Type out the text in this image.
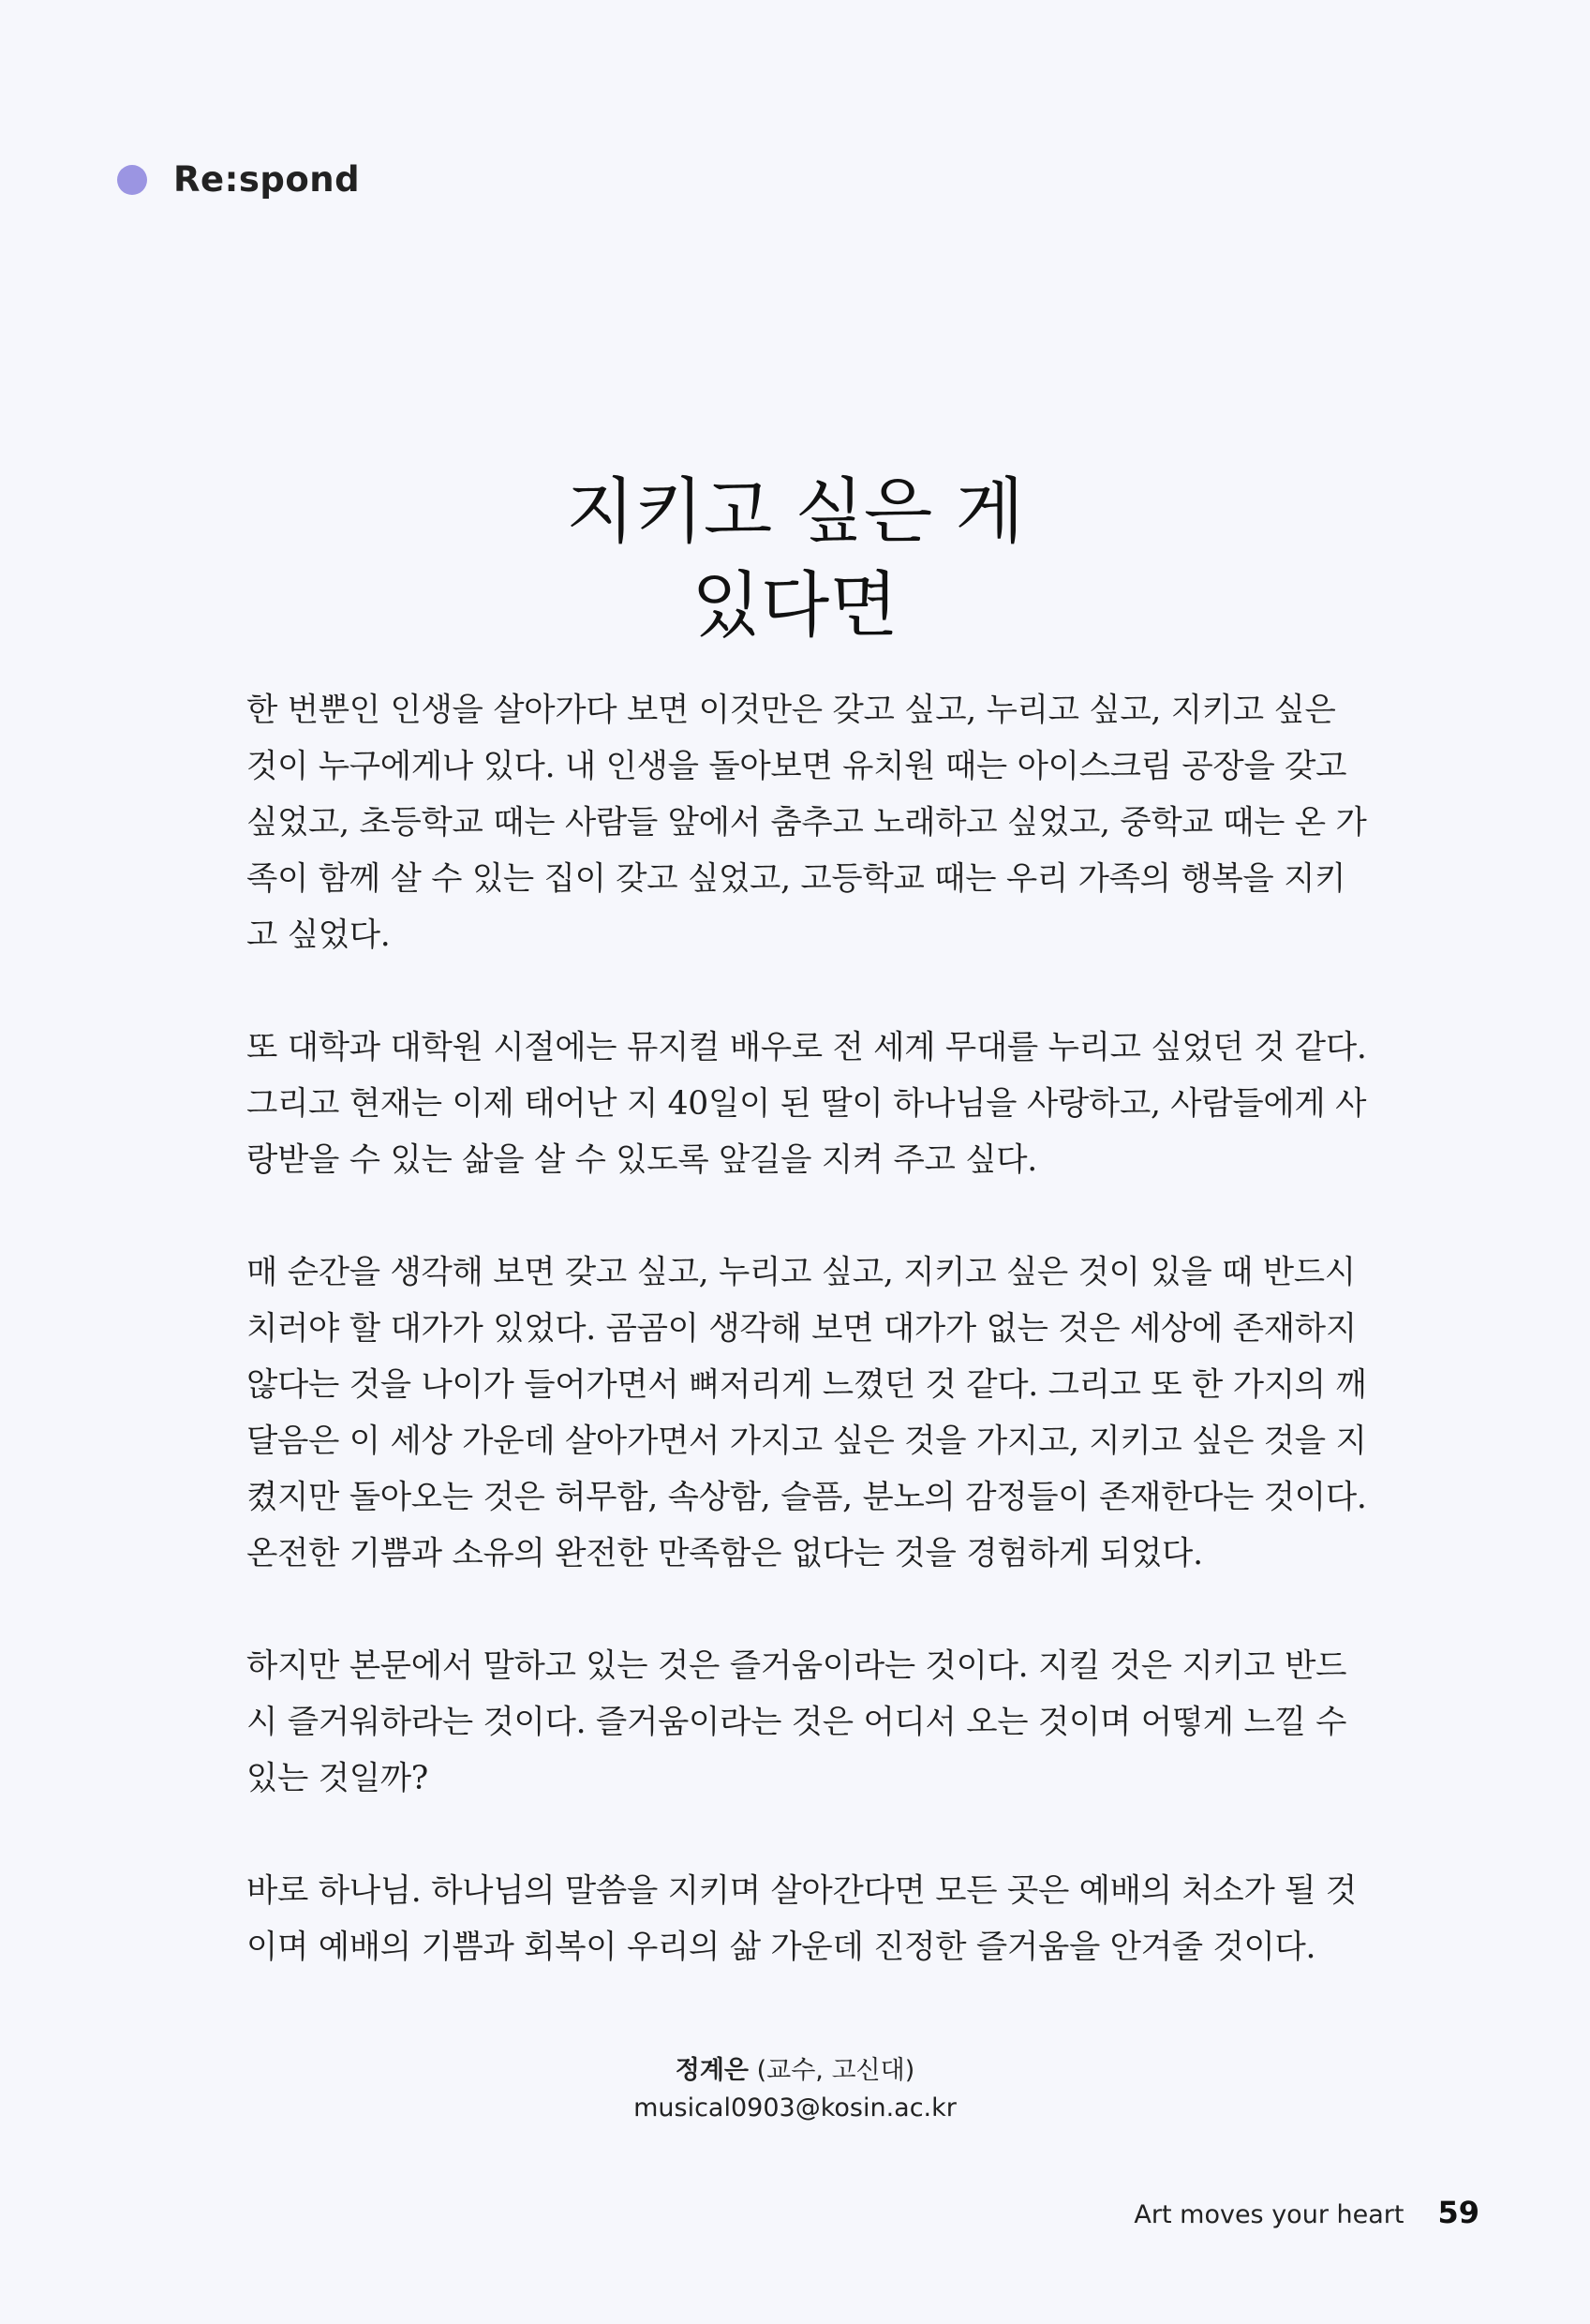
Re:spond
지키고 싶은 게
있다면

한 번뿐인 인생을 살아가다 보면 이것만은 갖고 싶고, 누리고 싶고, 지키고 싶은
것이 누구에게나 있다. 내 인생을 돌아보면 유치원 때는 아이스크림 공장을 갖고
싶었고, 초등학교 때는 사람들 앞에서 춤추고 노래하고 싶었고, 중학교 때는 온 가
족이 함께 살 수 있는 집이 갖고 싶었고, 고등학교 때는 우리 가족의 행복을 지키
고 싶었다.

또 대학과 대학원 시절에는 뮤지컬 배우로 전 세계 무대를 누리고 싶었던 것 같다.
그리고 현재는 이제 태어난 지 40일이 된 딸이 하나님을 사랑하고, 사람들에게 사
랑받을 수 있는 삶을 살 수 있도록 앞길을 지켜 주고 싶다.

매 순간을 생각해 보면 갖고 싶고, 누리고 싶고, 지키고 싶은 것이 있을 때 반드시
치러야 할 대가가 있었다. 곰곰이 생각해 보면 대가가 없는 것은 세상에 존재하지
않다는 것을 나이가 들어가면서 뼈저리게 느꼈던 것 같다. 그리고 또 한 가지의 깨
달음은 이 세상 가운데 살아가면서 가지고 싶은 것을 가지고, 지키고 싶은 것을 지
켰지만 돌아오는 것은 허무함, 속상함, 슬픔, 분노의 감정들이 존재한다는 것이다.
온전한 기쁨과 소유의 완전한 만족함은 없다는 것을 경험하게 되었다.

하지만 본문에서 말하고 있는 것은 즐거움이라는 것이다. 지킬 것은 지키고 반드
시 즐거워하라는 것이다. 즐거움이라는 것은 어디서 오는 것이며 어떻게 느낄 수
있는 것일까?

바로 하나님. 하나님의 말씀을 지키며 살아간다면 모든 곳은 예배의 처소가 될 것
이며 예배의 기쁨과 회복이 우리의 삶 가운데 진정한 즐거움을 안겨줄 것이다.

정계은 (교수, 고신대)
musical0903@kosin.ac.kr
Art moves your heart 59
